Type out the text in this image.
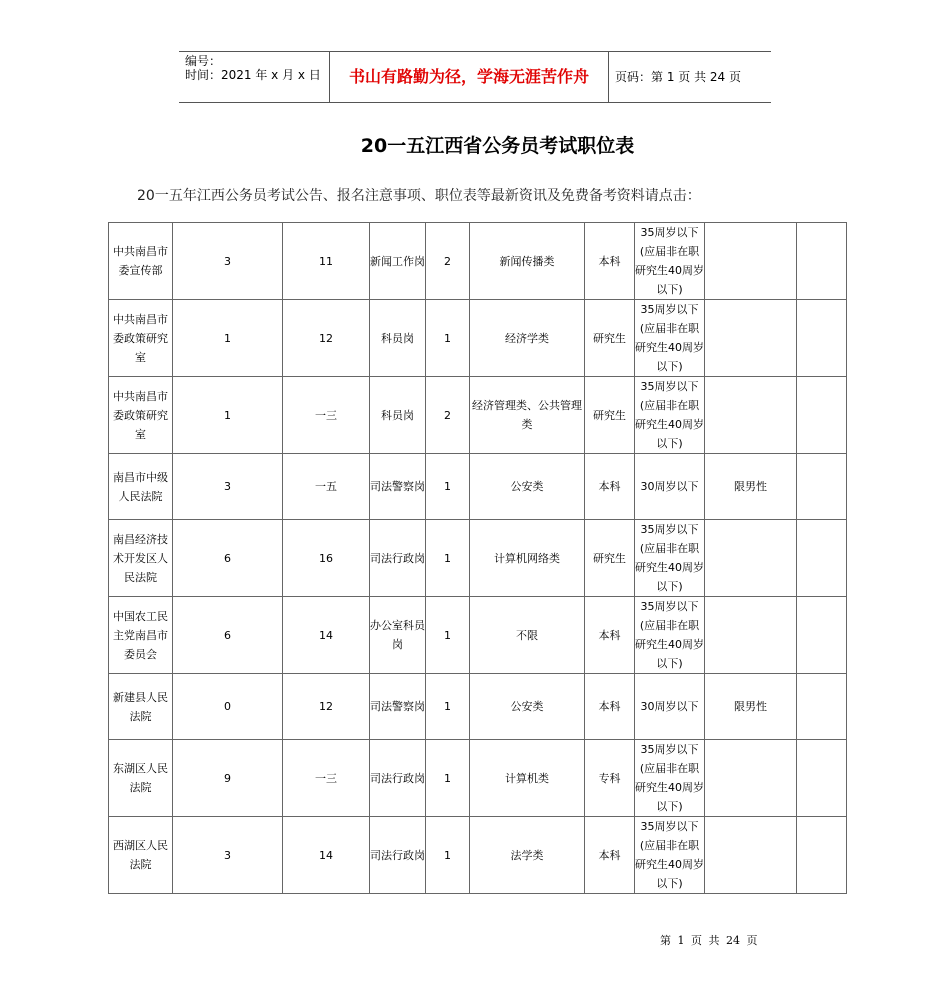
编号：
时间：2021 年 x 月 x 日	书山有路勤为径，学海无涯苦作舟	页码：第 1 页 共 24 页
20一五江西省公务员考试职位表
20一五年江西公务员考试公告、报名注意事项、职位表等最新资讯及免费备考资料请点击：
中共南昌市委宣传部	3	11	新闻工作岗	2	新闻传播类	本科	35周岁以下(应届非在职研究生40周岁以下)		
中共南昌市委政策研究室	1	12	科员岗	1	经济学类	研究生	35周岁以下(应届非在职研究生40周岁以下)		
中共南昌市委政策研究室	1	一三	科员岗	2	经济管理类、公共管理类	研究生	35周岁以下(应届非在职研究生40周岁以下)		
南昌市中级人民法院	3	一五	司法警察岗	1	公安类	本科	30周岁以下	限男性	
南昌经济技术开发区人民法院	6	16	司法行政岗	1	计算机网络类	研究生	35周岁以下(应届非在职研究生40周岁以下)		
中国农工民主党南昌市委员会	6	14	办公室科员岗	1	不限	本科	35周岁以下(应届非在职研究生40周岁以下)		
新建县人民法院	0	12	司法警察岗	1	公安类	本科	30周岁以下	限男性	
东湖区人民法院	9	一三	司法行政岗	1	计算机类	专科	35周岁以下(应届非在职研究生40周岁以下)		
西湖区人民法院	3	14	司法行政岗	1	法学类	本科	35周岁以下(应届非在职研究生40周岁以下)		
第 1 页 共 24 页
